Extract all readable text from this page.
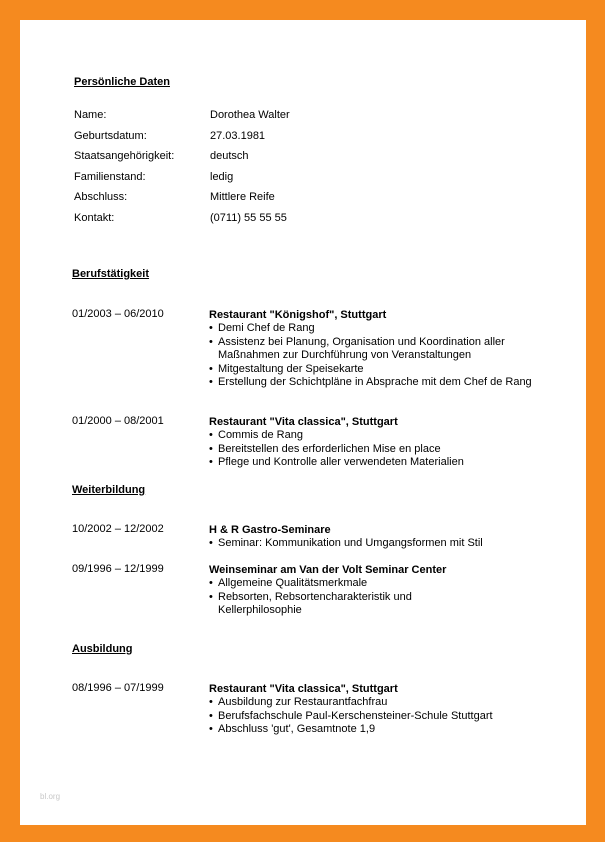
Persönliche Daten
Name:	Dorothea Walter
Geburtsdatum:	27.03.1981
Staatsangehörigkeit:	deutsch
Familienstand:	ledig
Abschluss:	Mittlere Reife
Kontakt:	(0711) 55 55 55
Berufstätigkeit
01/2003 – 06/2010	Restaurant "Königshof", Stuttgart
• Demi Chef de Rang
• Assistenz bei Planung, Organisation und Koordination aller Maßnahmen zur Durchführung von Veranstaltungen
• Mitgestaltung der Speisekarte
• Erstellung der Schichtpläne in Absprache mit dem Chef de Rang
01/2000 – 08/2001	Restaurant "Vita classica", Stuttgart
• Commis de Rang
• Bereitstellen des erforderlichen Mise en place
• Pflege und Kontrolle aller verwendeten Materialien
Weiterbildung
10/2002 – 12/2002	H & R Gastro-Seminare
• Seminar: Kommunikation und Umgangsformen mit Stil
09/1996 – 12/1999	Weinseminar am Van der Volt Seminar Center
• Allgemeine Qualitätsmerkmale
• Rebsorten, Rebsortencharakteristik und Kellerphilosophie
Ausbildung
08/1996 – 07/1999	Restaurant "Vita classica", Stuttgart
• Ausbildung zur Restaurantfachfrau
• Berufsfachschule Paul-Kerschensteiner-Schule Stuttgart
• Abschluss 'gut', Gesamtnote 1,9
bl.org
